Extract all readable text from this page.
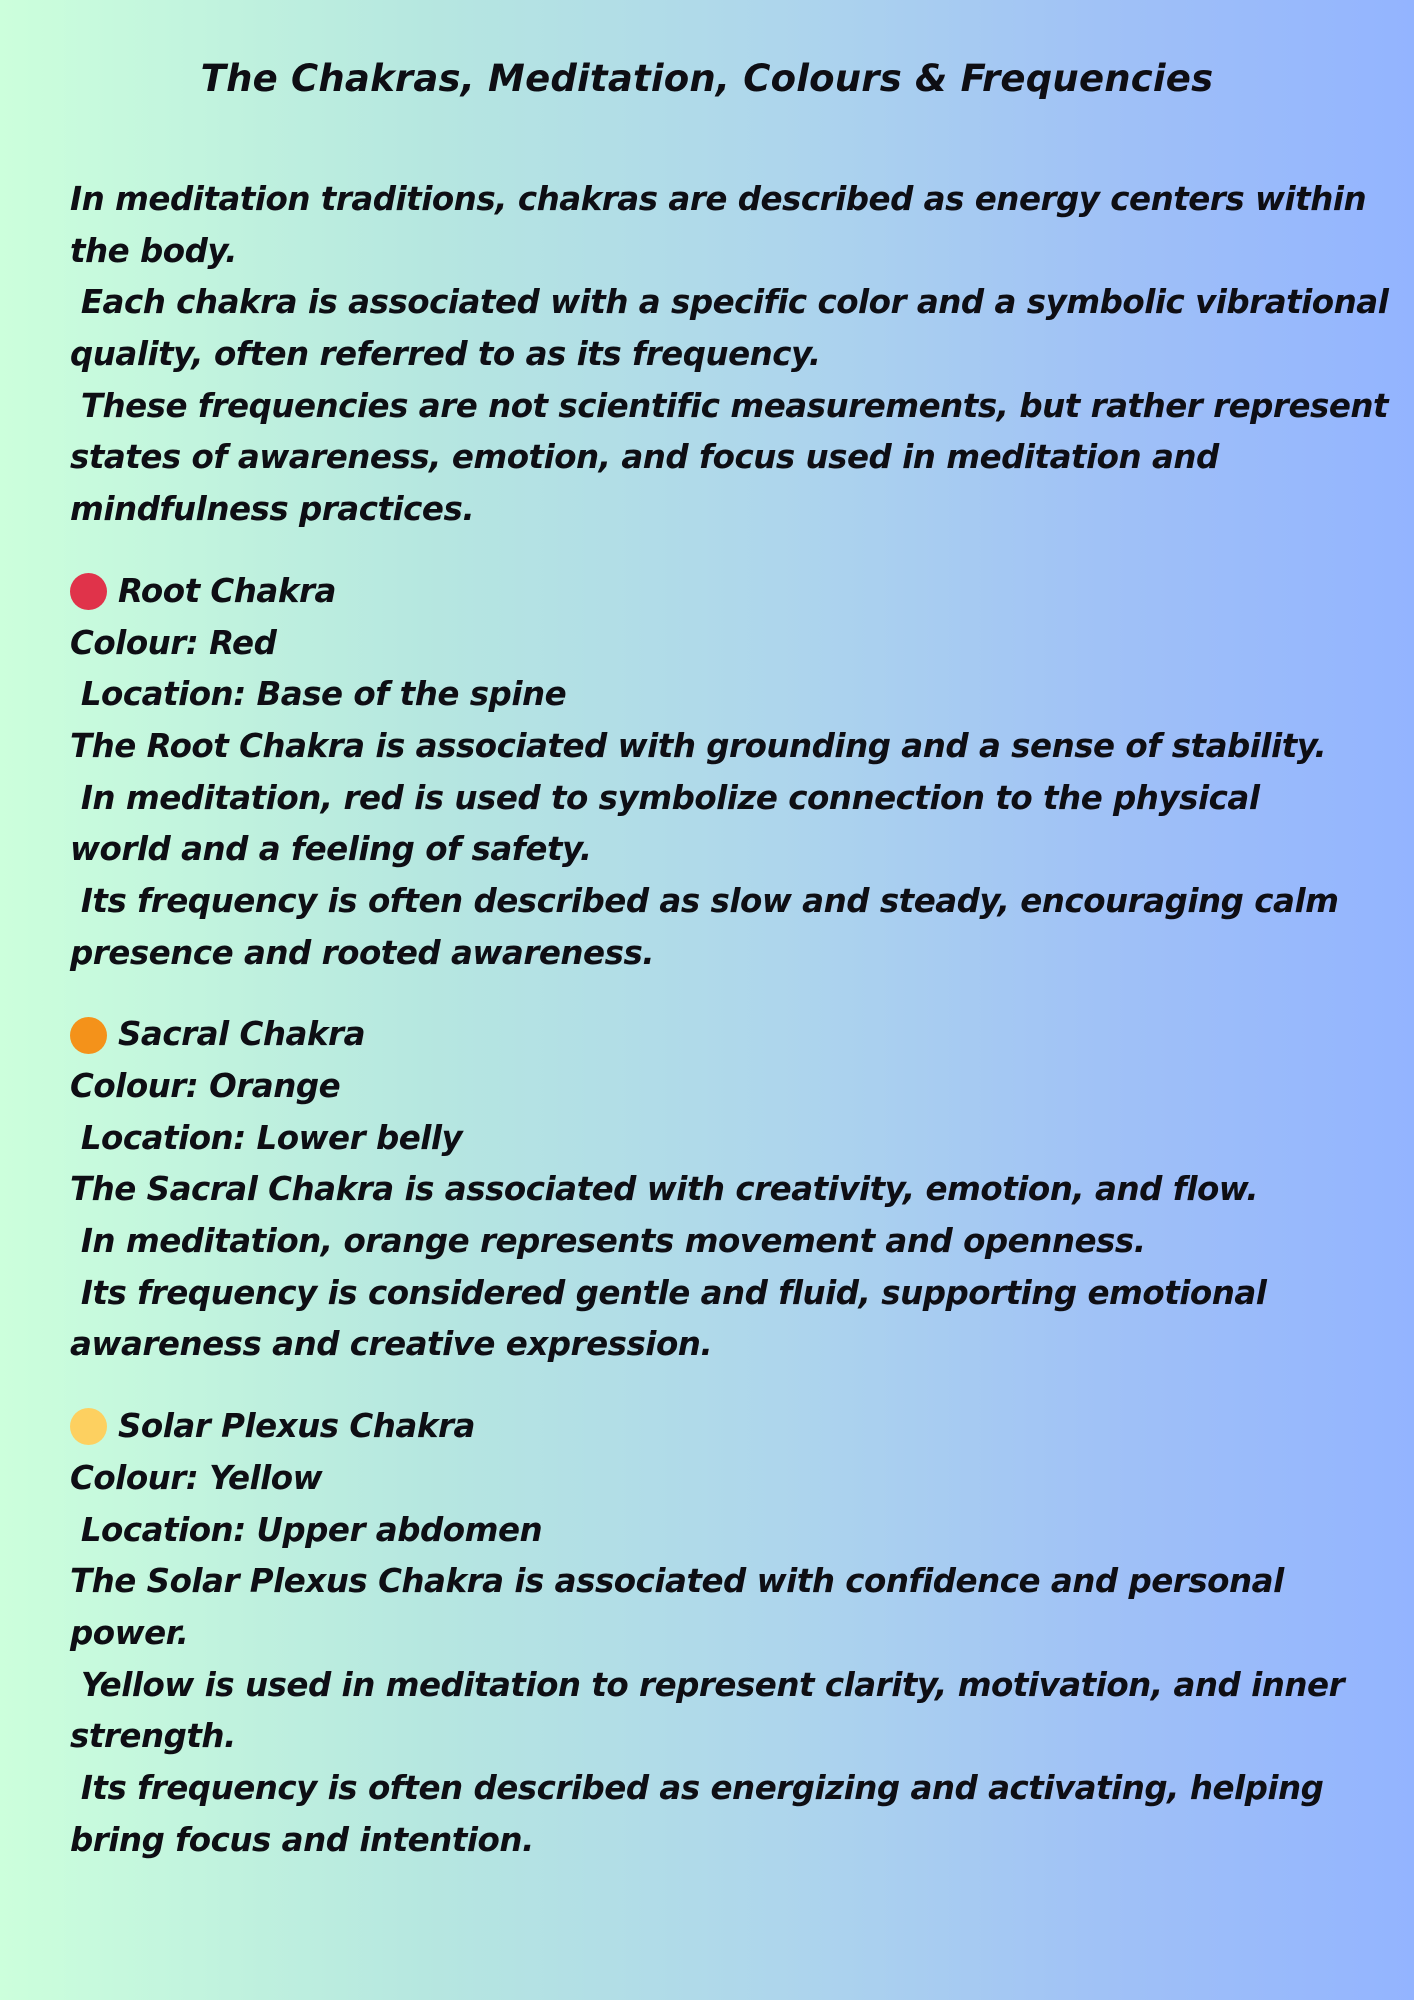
The Chakras, Meditation, Colours & Frequencies
In meditation traditions, chakras are described as energy centers within
the body.
Each chakra is associated with a specific color and a symbolic vibrational
quality, often referred to as its frequency.
These frequencies are not scientific measurements, but rather represent
states of awareness, emotion, and focus used in meditation and
mindfulness practices.
Root Chakra
Colour: Red
Location: Base of the spine
The Root Chakra is associated with grounding and a sense of stability.
In meditation, red is used to symbolize connection to the physical
world and a feeling of safety.
Its frequency is often described as slow and steady, encouraging calm
presence and rooted awareness.
Sacral Chakra
Colour: Orange
Location: Lower belly
The Sacral Chakra is associated with creativity, emotion, and flow.
In meditation, orange represents movement and openness.
Its frequency is considered gentle and fluid, supporting emotional
awareness and creative expression.
Solar Plexus Chakra
Colour: Yellow
Location: Upper abdomen
The Solar Plexus Chakra is associated with confidence and personal
power.
Yellow is used in meditation to represent clarity, motivation, and inner
strength.
Its frequency is often described as energizing and activating, helping
bring focus and intention.
